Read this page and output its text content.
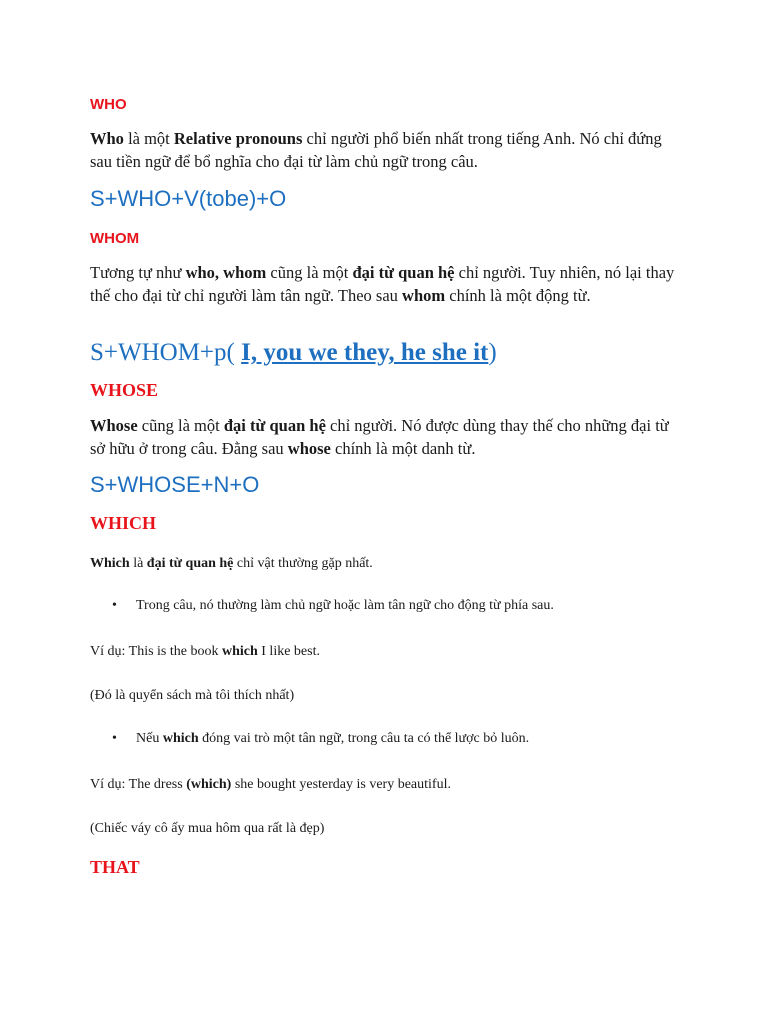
WHO

Who là một Relative pronouns chỉ người phổ biến nhất trong tiếng Anh. Nó chỉ đứng sau tiền ngữ để bổ nghĩa cho đại từ làm chủ ngữ trong câu.

S+WHO+V(tobe)+O
WHOM

Tương tự như who, whom cũng là một đại từ quan hệ chỉ người. Tuy nhiên, nó lại thay thế cho đại từ chỉ người làm tân ngữ. Theo sau whom chính là một động từ.

S+WHOM+p( I, you we they, he she it)
WHOSE

Whose cũng là một đại từ quan hệ chỉ người. Nó được dùng thay thế cho những đại từ sở hữu ở trong câu. Đằng sau whose chính là một danh từ.

S+WHOSE+N+O
WHICH

Which là đại từ quan hệ chỉ vật thường gặp nhất.

• Trong câu, nó thường làm chủ ngữ hoặc làm tân ngữ cho động từ phía sau.

Ví dụ: This is the book which I like best.

(Đó là quyển sách mà tôi thích nhất)

• Nếu which đóng vai trò một tân ngữ, trong câu ta có thể lược bỏ luôn.

Ví dụ: The dress (which) she bought yesterday is very beautiful.

(Chiếc váy cô ấy mua hôm qua rất là đẹp)

THAT
